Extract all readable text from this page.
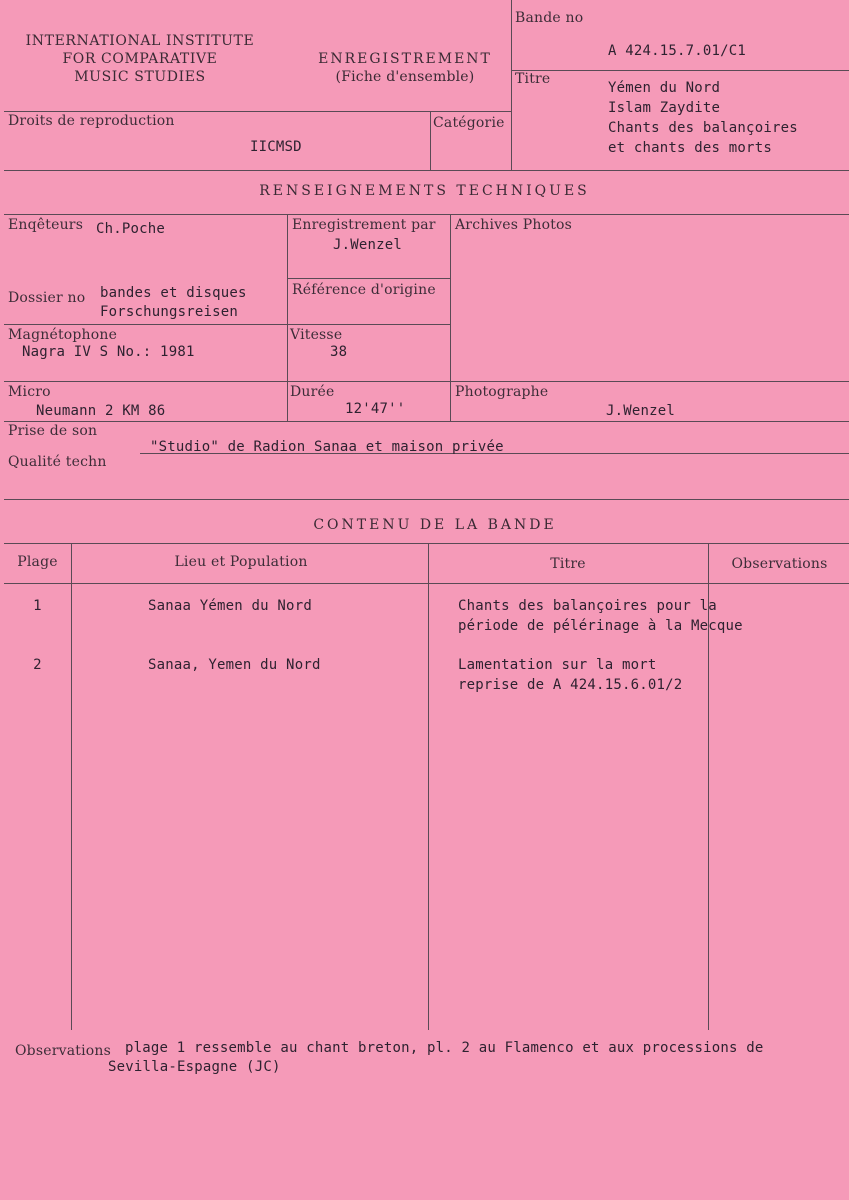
INTERNATIONAL INSTITUTE
FOR COMPARATIVE
MUSIC STUDIES
ENREGISTREMENT
(Fiche d'ensemble)
Bande no
A 424.15.7.01/C1
Titre
Yémen du Nord
Islam Zaydite
Chants des balançoires
et chants des morts
Droits de reproduction
IICMSD
Catégorie
RENSEIGNEMENTS TECHNIQUES
Enqêteurs Ch.Poche	Enregistrement par
J.Wenzel
Archives Photos
Référence d'origine
Dossier no bandes et disques
Forschungsreisen
Magnétophone
Nagra IV S No.: 1981
Vitesse
38
Micro
Neumann 2 KM 86
Durée
12'47''
Photographe
J.Wenzel
Prise de son
"Studio" de Radion Sanaa et maison privée
Qualité techn
CONTENU DE LA BANDE
Plage	Lieu et Population	Titre	Observations
1	Sanaa Yémen du Nord	Chants des balançoires pour la
période de pélérinage à la Mecque
2	Sanaa, Yemen du Nord	Lamentation sur la mort
reprise de A 424.15.6.01/2
Observations plage 1 ressemble au chant breton, pl. 2 au Flamenco et aux processions de
Sevilla-Espagne (JC)
